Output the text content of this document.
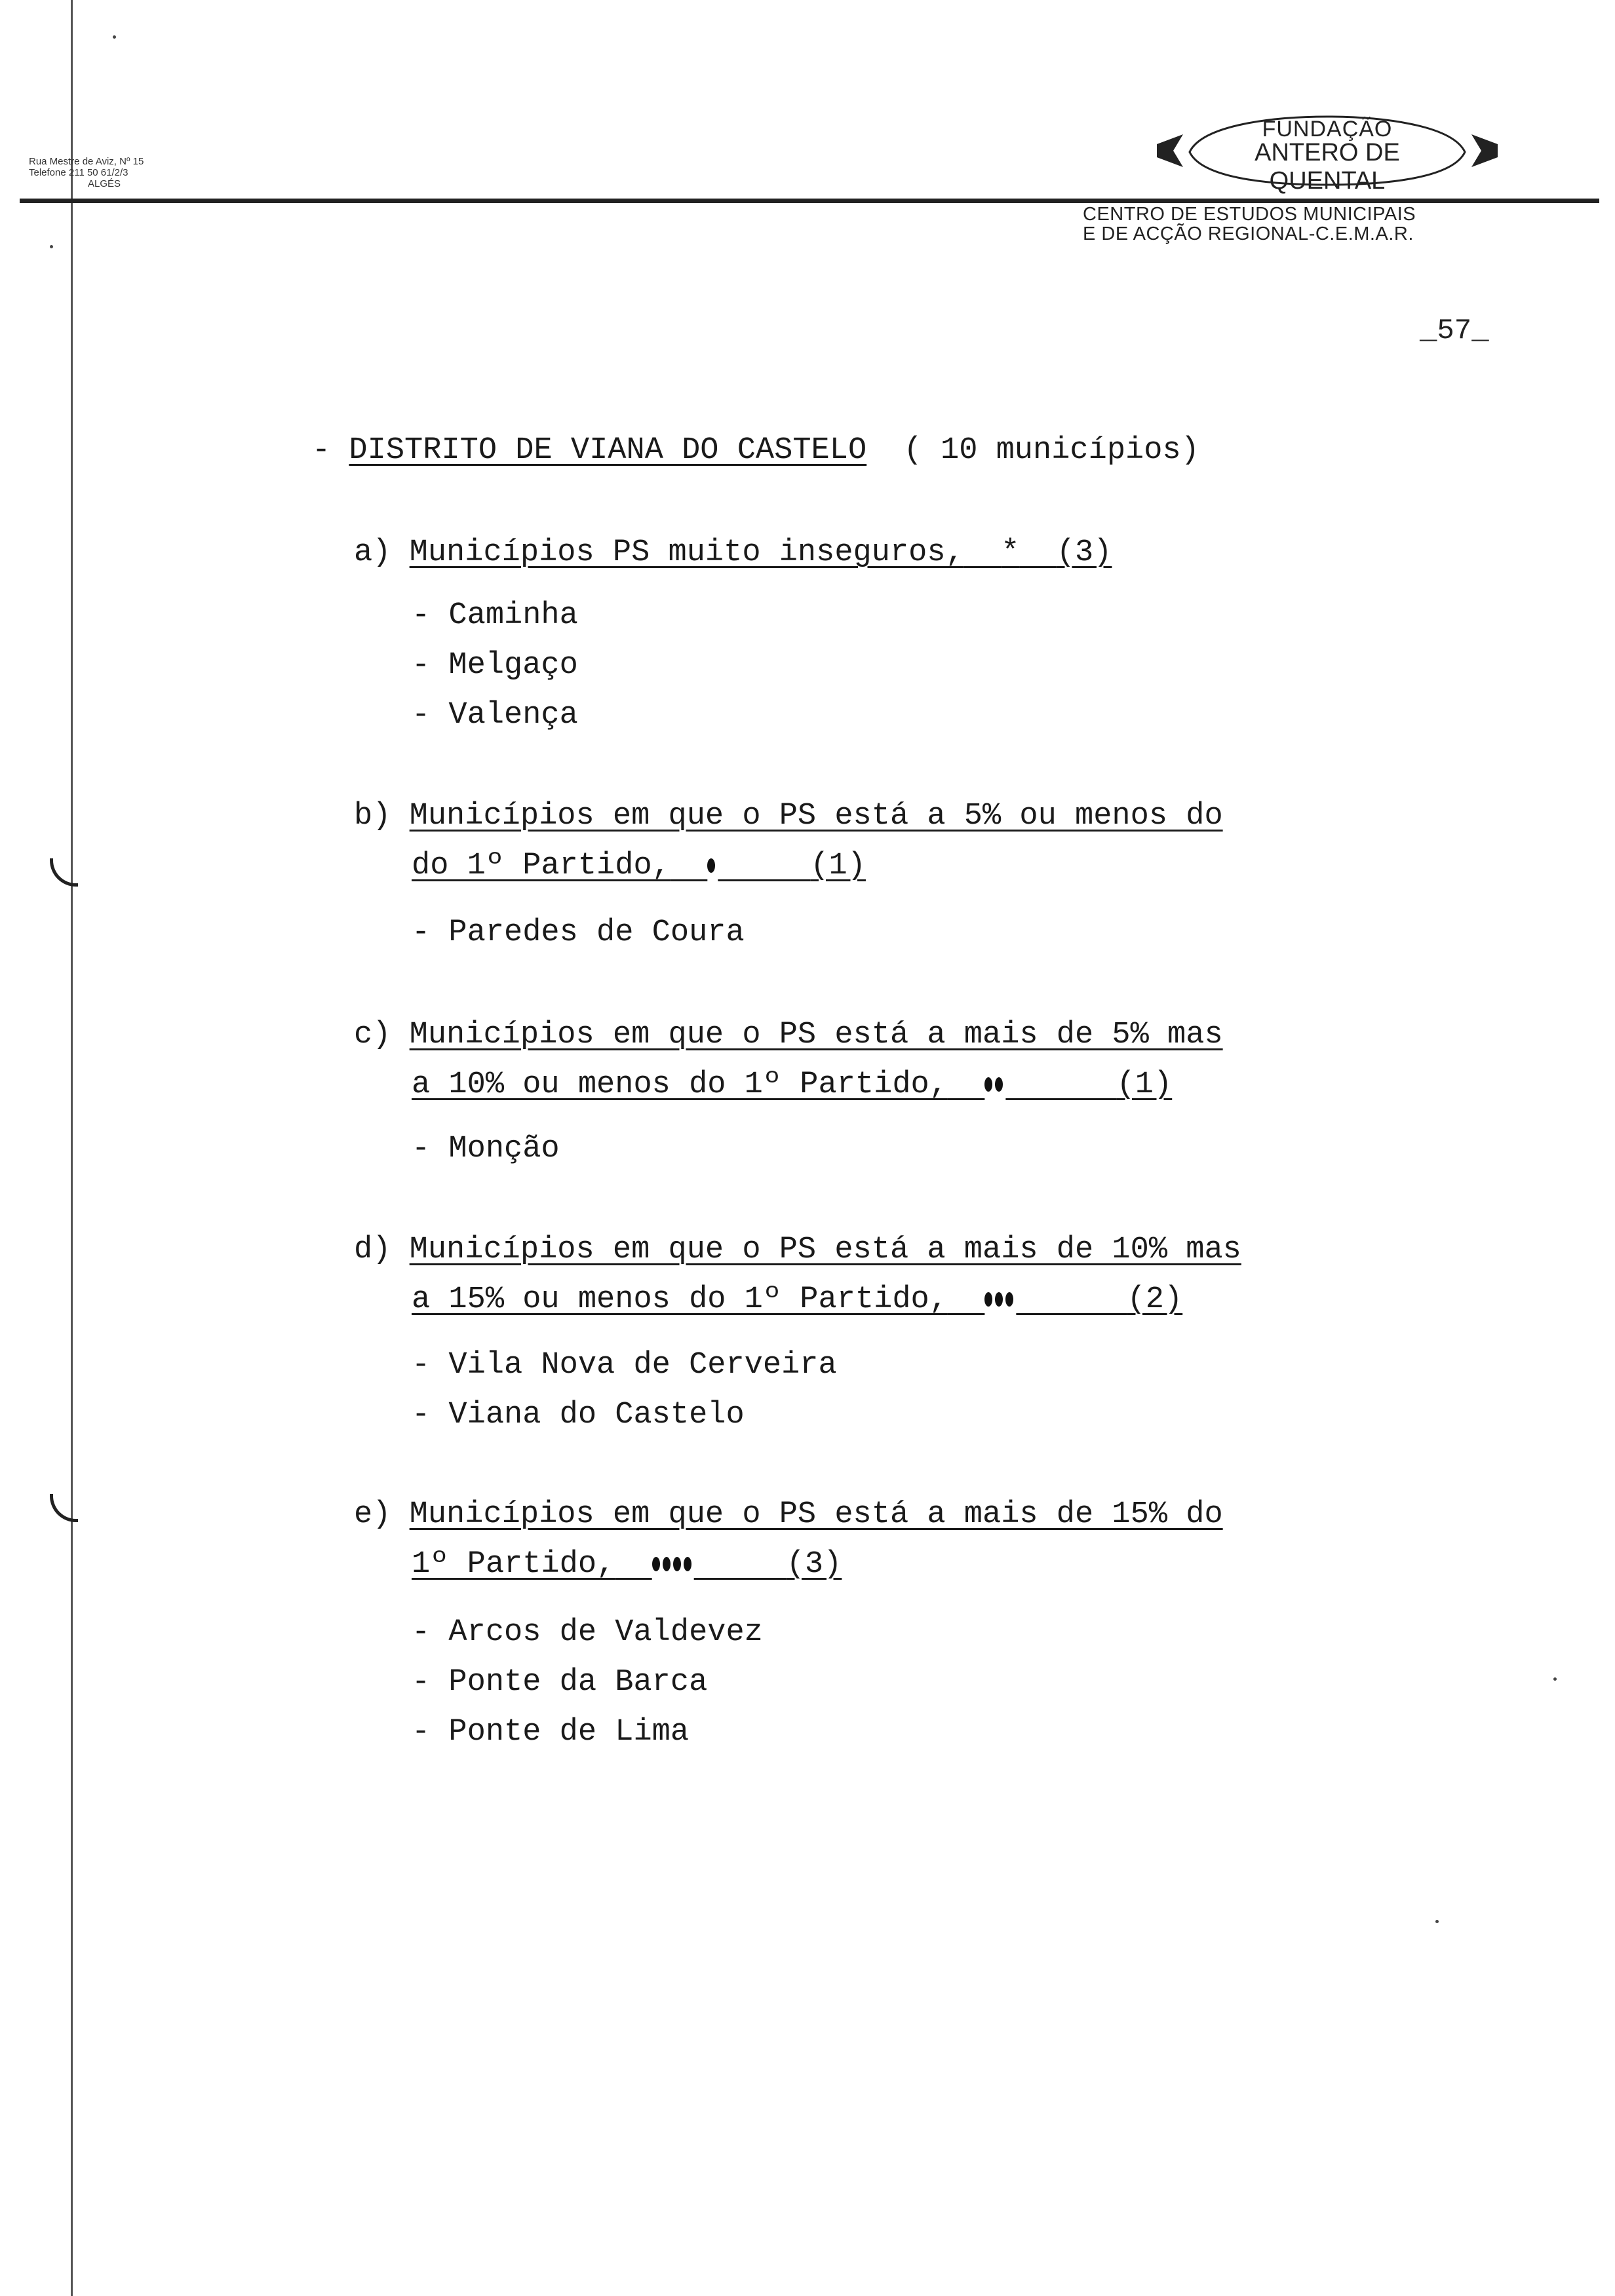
Rua Mestre de Aviz, Nº 15
Telefone 211 50 61/2/3
ALGÉS
FUNDAÇÃO
ANTERO DE QUENTAL
CENTRO DE ESTUDOS MUNICIPAIS
E DE ACÇÃO REGIONAL-C.E.M.A.R.
_57_
- DISTRITO DE VIANA DO CASTELO ( 10 municípios)
a) Municípios PS muito inseguros, * (3)
- Caminha
- Melgaço
- Valença
b) Municípios em que o PS está a 5% ou menos do
do 1º Partido,	(1)
- Paredes de Coura
c) Municípios em que o PS está a mais de 5% mas
a 10% ou menos do 1º Partido,	(1)
- Monção
d) Municípios em que o PS está a mais de 10% mas
a 15% ou menos do 1º Partido,	(2)
- Vila Nova de Cerveira
- Viana do Castelo
e) Municípios em que o PS está a mais de 15% do
1º Partido,	(3)
- Arcos de Valdevez
- Ponte da Barca
- Ponte de Lima
